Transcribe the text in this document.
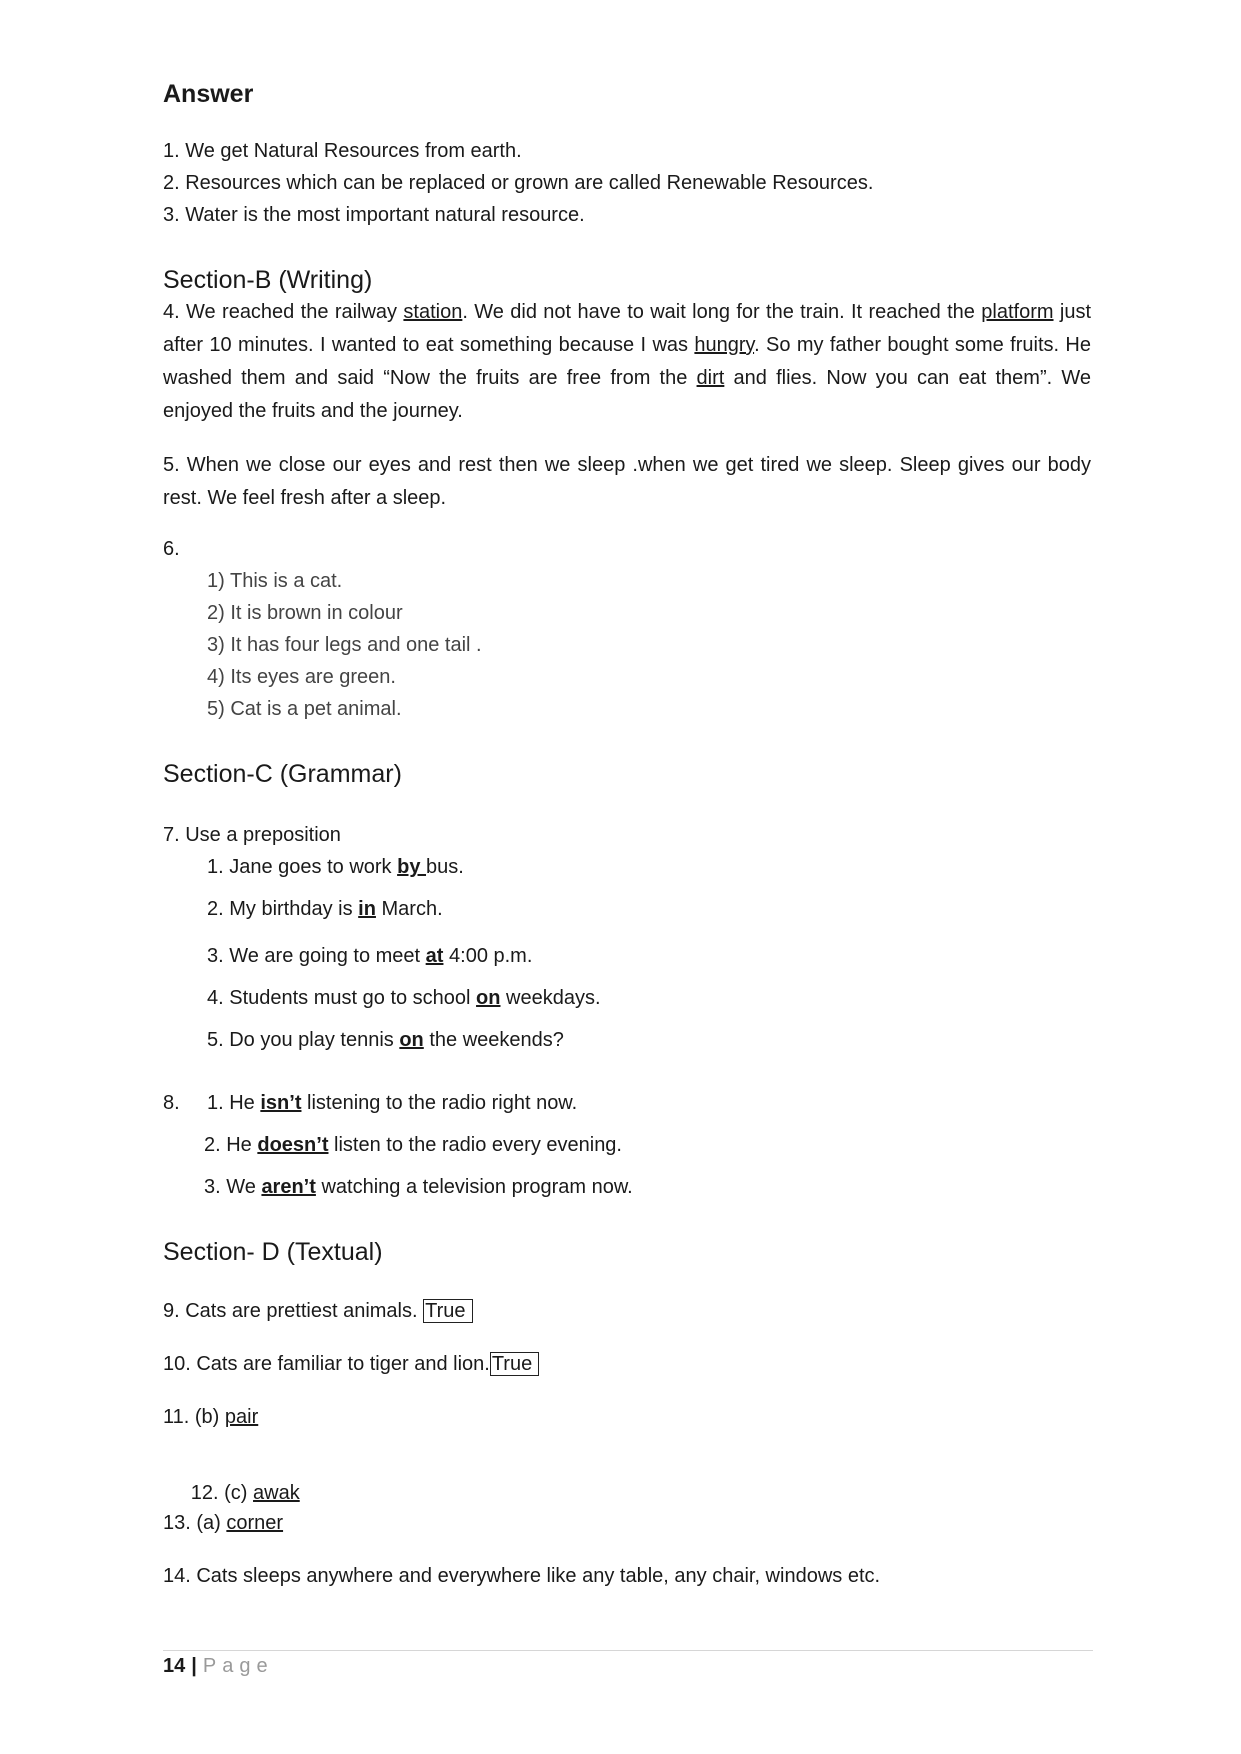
Answer
1. We get Natural Resources from earth.
2. Resources which can be replaced or grown are called Renewable Resources.
3. Water is the most important natural resource.
Section-B (Writing)
4. We reached the railway station. We did not have to wait long for the train. It reached the platform just after 10 minutes. I wanted to eat something because I was hungry. So my father bought some fruits. He washed them and said “Now the fruits are free from the dirt and flies. Now you can eat them”. We enjoyed the fruits and the journey.
5. When we close our eyes and rest then we sleep .when we get tired we sleep. Sleep gives our body rest. We feel fresh after a sleep.
6.
1) This is a cat.
2) It is brown in colour
3) It has four legs and one tail .
4) Its eyes are green.
5) Cat is a pet animal.
Section-C (Grammar)
7. Use a preposition
1. Jane goes to work by bus.
2. My birthday is in March.
3. We are going to meet at 4:00 p.m.
4. Students must go to school on weekdays.
5. Do you play tennis on the weekends?
8. 1. He isn’t listening to the radio right now.
2. He doesn’t listen to the radio every evening.
3. We aren’t watching a television program now.
Section- D (Textual)
9. Cats are prettiest animals. True
10. Cats are familiar to tiger and lion. True
11. (b) pair

12. (c) awak

13. (a) corner
14. Cats sleeps anywhere and everywhere like any table, any chair, windows etc.
14 | Page
